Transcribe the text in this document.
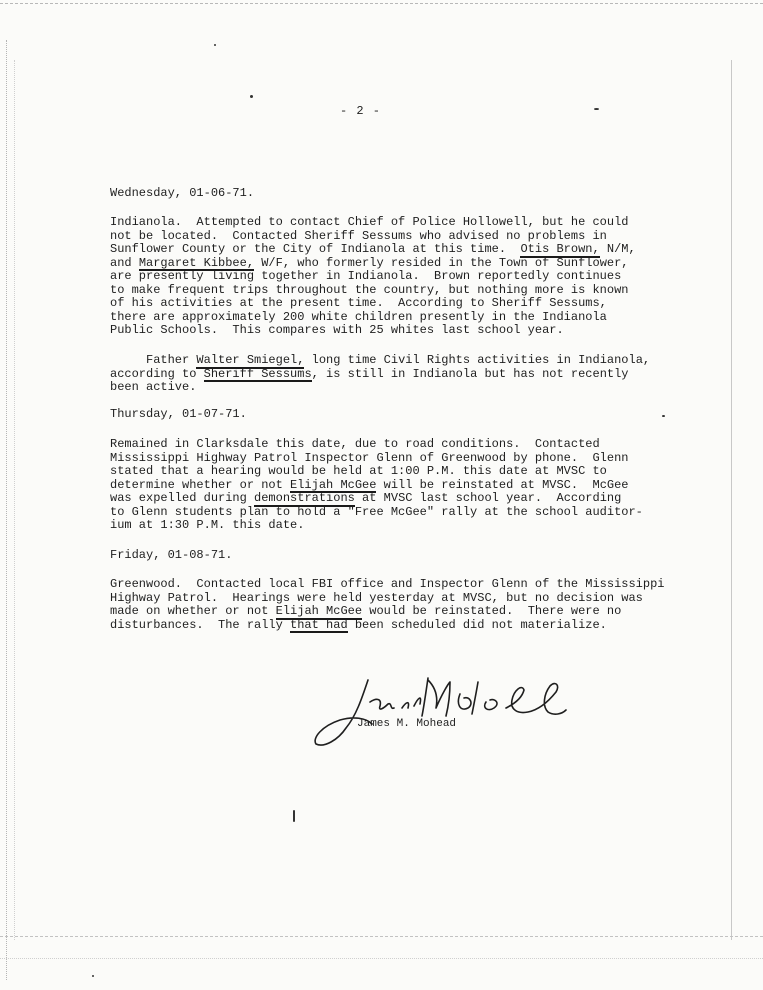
- 2 -
Wednesday, 01-06-71.
Indianola.  Attempted to contact Chief of Police Hollowell, but he could
not be located.  Contacted Sheriff Sessums who advised no problems in
Sunflower County or the City of Indianola at this time.  Otis Brown, N/M,
and Margaret Kibbee, W/F, who formerly resided in the Town of Sunflower,
are presently living together in Indianola.  Brown reportedly continues
to make frequent trips throughout the country, but nothing more is known
of his activities at the present time.  According to Sheriff Sessums,
there are approximately 200 white children presently in the Indianola
Public Schools.  This compares with 25 whites last school year.
Father Walter Smiegel, long time Civil Rights activities in Indianola,
according to Sheriff Sessums, is still in Indianola but has not recently
been active.
Thursday, 01-07-71.
Remained in Clarksdale this date, due to road conditions.  Contacted
Mississippi Highway Patrol Inspector Glenn of Greenwood by phone.  Glenn
stated that a hearing would be held at 1:00 P.M. this date at MVSC to
determine whether or not Elijah McGee will be reinstated at MVSC.  McGee
was expelled during demonstrations at MVSC last school year.  According
to Glenn students plan to hold a "Free McGee" rally at the school auditor-
ium at 1:30 P.M. this date.
Friday, 01-08-71.
Greenwood.  Contacted local FBI office and Inspector Glenn of the Mississippi
Highway Patrol.  Hearings were held yesterday at MVSC, but no decision was
made on whether or not Elijah McGee would be reinstated.  There were no
disturbances.  The rally that had been scheduled did not materialize.
James M. Mohead
